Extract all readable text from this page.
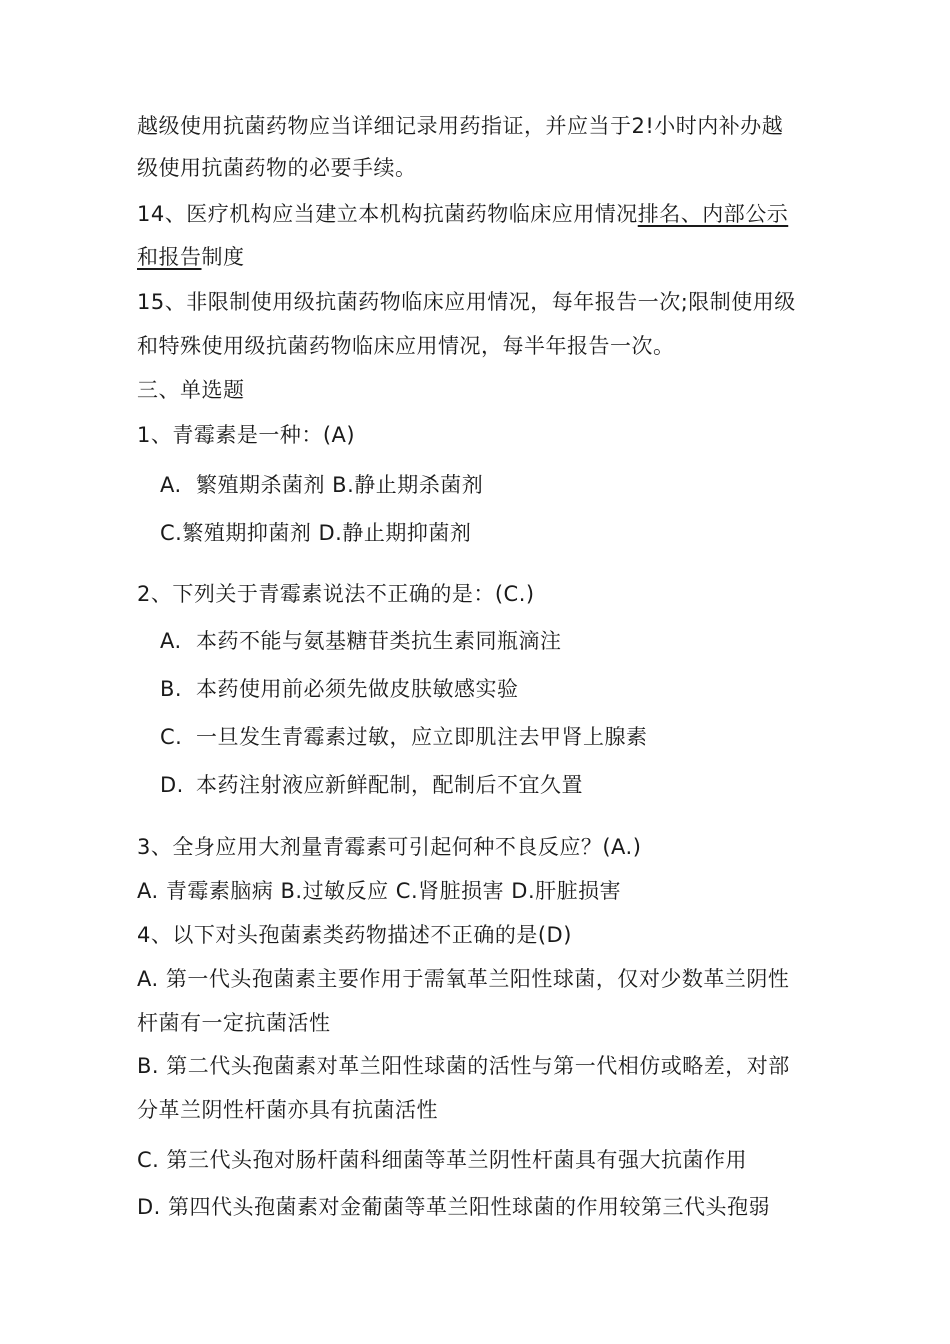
越级使用抗菌药物应当详细记录用药指证，并应当于2!小时内补办越
级使用抗菌药物的必要手续。
14、医疗机构应当建立本机构抗菌药物临床应用情况排名、内部公示
和报告制度
15、非限制使用级抗菌药物临床应用情况，每年报告一次;限制使用级
和特殊使用级抗菌药物临床应用情况，每半年报告一次。
三、单选题
1、青霉素是一种：(A)
A. 繁殖期杀菌剂 B.静止期杀菌剂
C.繁殖期抑菌剂 D.静止期抑菌剂
2、下列关于青霉素说法不正确的是：(C.)
A. 本药不能与氨基糖苷类抗生素同瓶滴注
B. 本药使用前必须先做皮肤敏感实验
C. 一旦发生青霉素过敏，应立即肌注去甲肾上腺素
D. 本药注射液应新鲜配制，配制后不宜久置
3、全身应用大剂量青霉素可引起何种不良反应？(A.)
A. 青霉素脑病 B.过敏反应 C.肾脏损害 D.肝脏损害
4、以下对头孢菌素类药物描述不正确的是(D)
A. 第一代头孢菌素主要作用于需氧革兰阳性球菌，仅对少数革兰阴性
杆菌有一定抗菌活性
B. 第二代头孢菌素对革兰阳性球菌的活性与第一代相仿或略差，对部
分革兰阴性杆菌亦具有抗菌活性
C. 第三代头孢对肠杆菌科细菌等革兰阴性杆菌具有强大抗菌作用
D. 第四代头孢菌素对金葡菌等革兰阳性球菌的作用较第三代头孢弱
